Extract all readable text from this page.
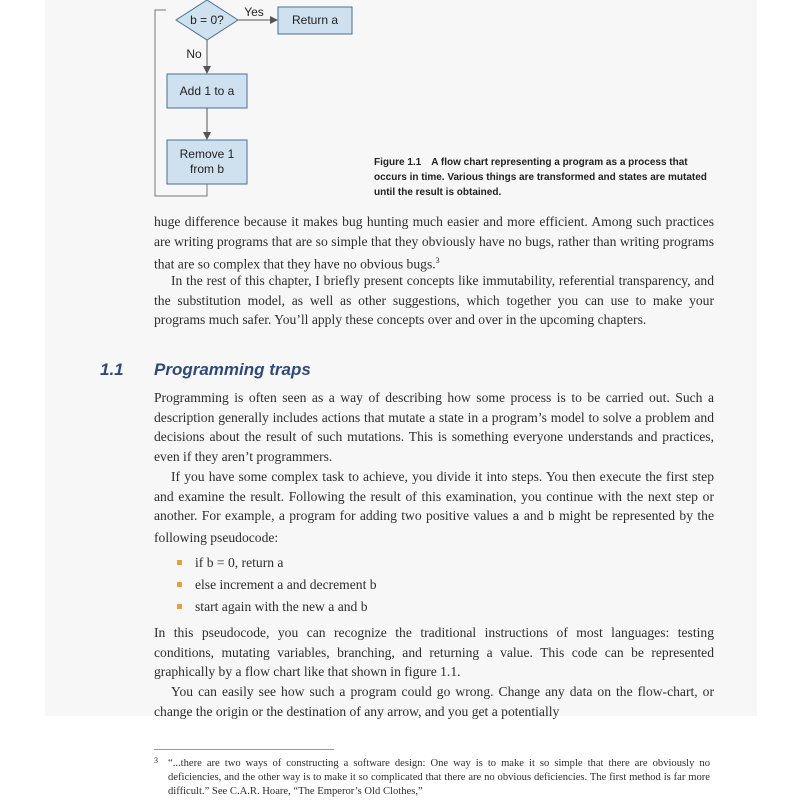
b = 0?
Yes
No
Return a
Add 1 to a
Remove 1
from b	Figure 1.1 A flow chart representing a program as a process that occurs in time. Various things are transformed and states are mutated until the result is obtained.
huge difference because it makes bug hunting much easier and more efficient. Among such practices are writing programs that are so simple that they obviously have no bugs, rather than writing programs that are so complex that they have no obvious bugs.$^3$
In the rest of this chapter, I briefly present concepts like immutability, referential transparency, and the substitution model, as well as other suggestions, which together you can use to make your programs much safer. You’ll apply these concepts over and over in the upcoming chapters.
1.1 Programming traps
Programming is often seen as a way of describing how some process is to be carried out. Such a description generally includes actions that mutate a state in a program’s model to solve a problem and decisions about the result of such mutations. This is something everyone understands and practices, even if they aren’t programmers.
If you have some complex task to achieve, you divide it into steps. You then execute the first step and examine the result. Following the result of this examination, you continue with the next step or another. For example, a program for adding two positive values a and b might be represented by the following pseudocode:
if b = 0, return a
else increment a and decrement b
start again with the new a and b
In this pseudocode, you can recognize the traditional instructions of most languages: testing conditions, mutating variables, branching, and returning a value. This code can be represented graphically by a flow chart like that shown in figure 1.1.
You can easily see how such a program could go wrong. Change any data on the flow-chart, or change the origin or the destination of any arrow, and you get a potentially
3 “...there are two ways of constructing a software design: One way is to make it so simple that there are obviously no deficiencies, and the other way is to make it so complicated that there are no obvious deficiencies. The first method is far more difficult.” See C.A.R. Hoare, “The Emperor’s Old Clothes,”
